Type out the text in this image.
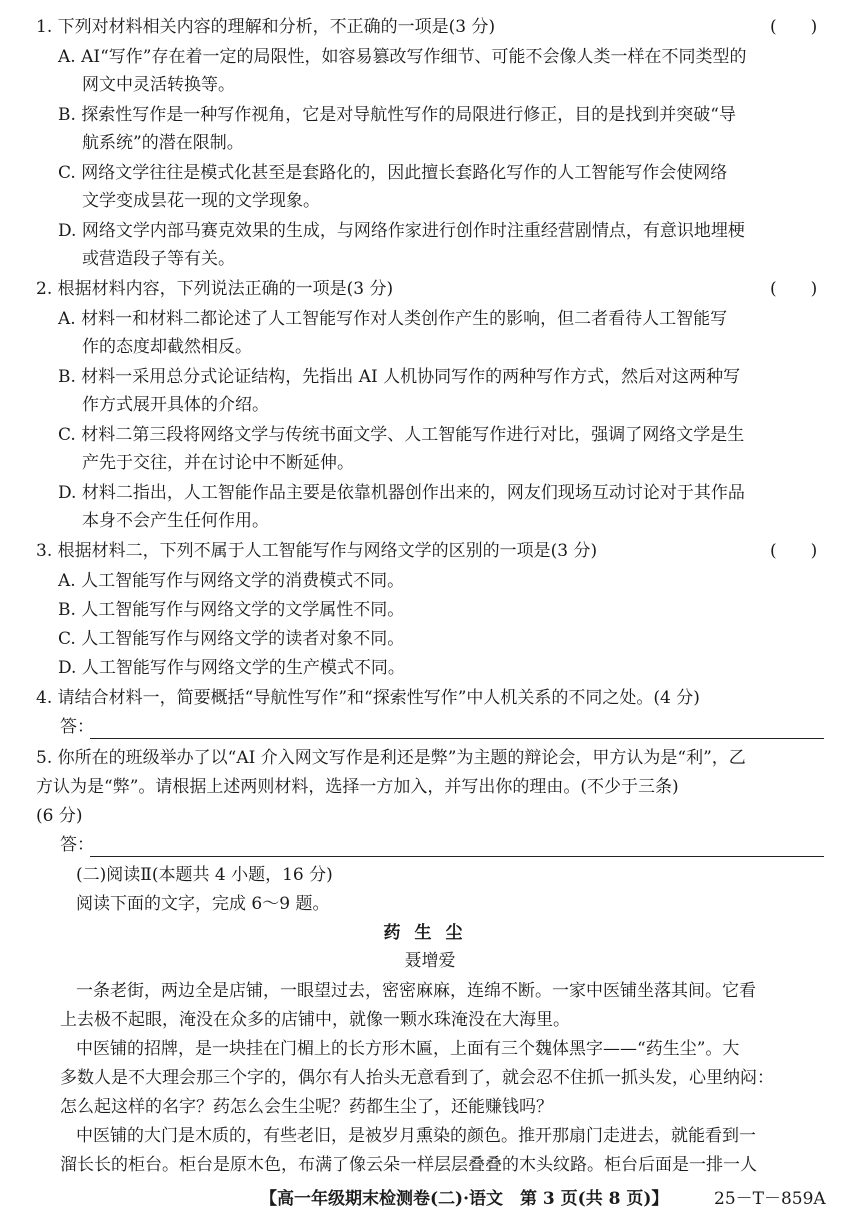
1. 下列对材料相关内容的理解和分析，不正确的一项是(3 分)	(　　)
A. AI“写作”存在着一定的局限性，如容易篡改写作细节、可能不会像人类一样在不同类型的
网文中灵活转换等。
B. 探索性写作是一种写作视角，它是对导航性写作的局限进行修正，目的是找到并突破“导
航系统”的潜在限制。
C. 网络文学往往是模式化甚至是套路化的，因此擅长套路化写作的人工智能写作会使网络
文学变成昙花一现的文学现象。
D. 网络文学内部马赛克效果的生成，与网络作家进行创作时注重经营剧情点，有意识地埋梗
或营造段子等有关。
2. 根据材料内容，下列说法正确的一项是(3 分)	(　　)
A. 材料一和材料二都论述了人工智能写作对人类创作产生的影响，但二者看待人工智能写
作的态度却截然相反。
B. 材料一采用总分式论证结构，先指出 AI 人机协同写作的两种写作方式，然后对这两种写
作方式展开具体的介绍。
C. 材料二第三段将网络文学与传统书面文学、人工智能写作进行对比，强调了网络文学是生
产先于交往，并在讨论中不断延伸。
D. 材料二指出，人工智能作品主要是依靠机器创作出来的，网友们现场互动讨论对于其作品
本身不会产生任何作用。
3. 根据材料二，下列不属于人工智能写作与网络文学的区别的一项是(3 分)	(　　)
A. 人工智能写作与网络文学的消费模式不同。
B. 人工智能写作与网络文学的文学属性不同。
C. 人工智能写作与网络文学的读者对象不同。
D. 人工智能写作与网络文学的生产模式不同。
4. 请结合材料一，简要概括“导航性写作”和“探索性写作”中人机关系的不同之处。(4 分)
答：
5. 你所在的班级举办了以“AI 介入网文写作是利还是弊”为主题的辩论会，甲方认为是“利”，乙
方认为是“弊”。请根据上述两则材料，选择一方加入，并写出你的理由。(不少于三条)
(6 分)
答：
(二)阅读Ⅱ(本题共 4 小题，16 分)
阅读下面的文字，完成 6～9 题。
药生尘
聂增爱
一条老街，两边全是店铺，一眼望过去，密密麻麻，连绵不断。一家中医铺坐落其间。它看
上去极不起眼，淹没在众多的店铺中，就像一颗水珠淹没在大海里。
中医铺的招牌，是一块挂在门楣上的长方形木匾，上面有三个魏体黑字——“药生尘”。大
多数人是不大理会那三个字的，偶尔有人抬头无意看到了，就会忍不住抓一抓头发，心里纳闷：
怎么起这样的名字？药怎么会生尘呢？药都生尘了，还能赚钱吗？
中医铺的大门是木质的，有些老旧，是被岁月熏染的颜色。推开那扇门走进去，就能看到一
溜长长的柜台。柜台是原木色，布满了像云朵一样层层叠叠的木头纹路。柜台后面是一排一人
【高一年级期末检测卷(二)·语文　第 3 页(共 8 页)】	25－T－859A
